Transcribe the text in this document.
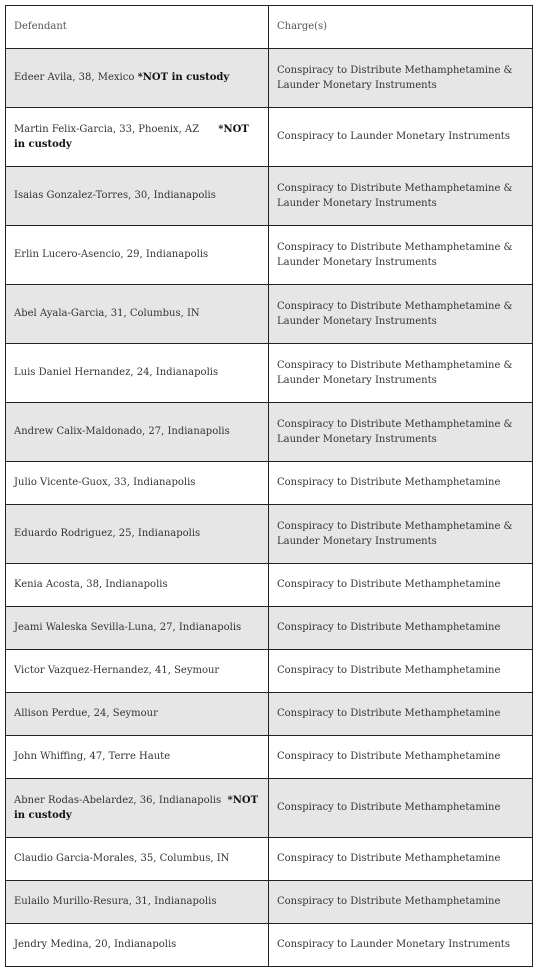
Defendant	Charge(s)
Edeer Avila, 38, Mexico *NOT in custody	Conspiracy to Distribute Methamphetamine & Launder Monetary Instruments
Martin Felix-Garcia, 33, Phoenix, AZ      *NOT in custody	Conspiracy to Launder Monetary Instruments
Isaias Gonzalez-Torres, 30, Indianapolis	Conspiracy to Distribute Methamphetamine & Launder Monetary Instruments
Erlin Lucero-Asencio, 29, Indianapolis	Conspiracy to Distribute Methamphetamine & Launder Monetary Instruments
Abel Ayala-Garcia, 31, Columbus, IN	Conspiracy to Distribute Methamphetamine & Launder Monetary Instruments
Luis Daniel Hernandez, 24, Indianapolis	Conspiracy to Distribute Methamphetamine & Launder Monetary Instruments
Andrew Calix-Maldonado, 27, Indianapolis	Conspiracy to Distribute Methamphetamine & Launder Monetary Instruments
Julio Vicente-Guox, 33, Indianapolis	Conspiracy to Distribute Methamphetamine
Eduardo Rodriguez, 25, Indianapolis	Conspiracy to Distribute Methamphetamine & Launder Monetary Instruments
Kenia Acosta, 38, Indianapolis	Conspiracy to Distribute Methamphetamine
Jeami Waleska Sevilla-Luna, 27, Indianapolis	Conspiracy to Distribute Methamphetamine
Victor Vazquez-Hernandez, 41, Seymour	Conspiracy to Distribute Methamphetamine
Allison Perdue, 24, Seymour	Conspiracy to Distribute Methamphetamine
John Whiffing, 47, Terre Haute	Conspiracy to Distribute Methamphetamine
Abner Rodas-Abelardez, 36, Indianapolis  *NOT in custody	Conspiracy to Distribute Methamphetamine
Claudio Garcia-Morales, 35, Columbus, IN	Conspiracy to Distribute Methamphetamine
Eulailo Murillo-Resura, 31, Indianapolis	Conspiracy to Distribute Methamphetamine
Jendry Medina, 20, Indianapolis	Conspiracy to Launder Monetary Instruments
